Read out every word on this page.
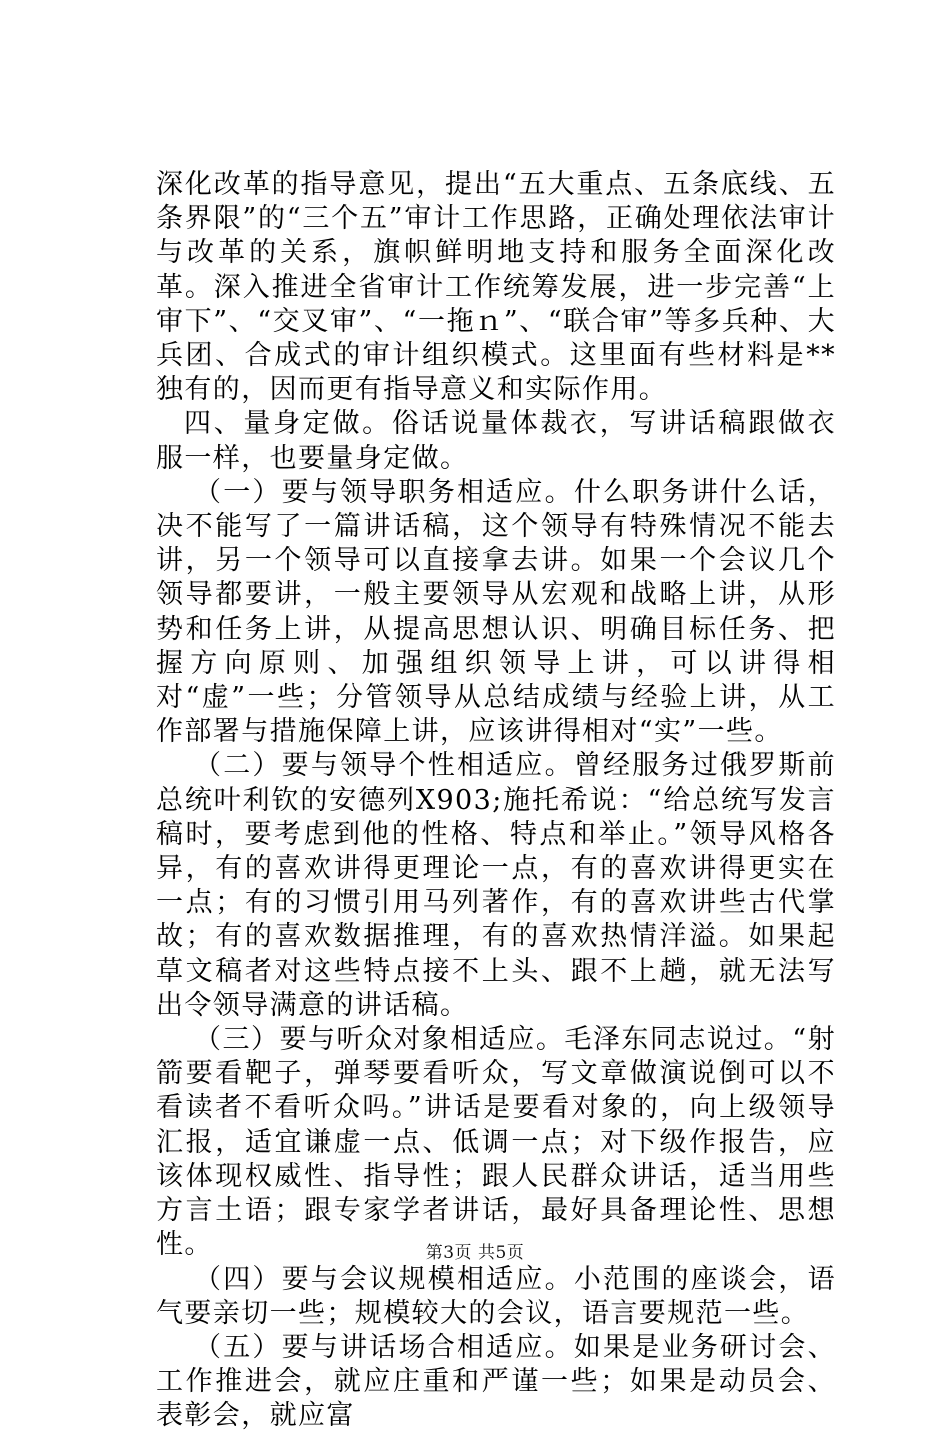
深化改革的指导意见，提出“五大重点、五条底线、五条界限”的“三个五”审计工作思路，正确处理依法审计与改革的关系，旗帜鲜明地支持和服务全面深化改革。深入推进全省审计工作统筹发展，进一步完善“上审下”、“交叉审”、“一拖ｎ”、“联合审”等多兵种、大兵团、合成式的审计组织模式。这里面有些材料是**独有的，因而更有指导意义和实际作用。

四、量身定做。俗话说量体裁衣，写讲话稿跟做衣服一样，也要量身定做。

（一）要与领导职务相适应。什么职务讲什么话，决不能写了一篇讲话稿，这个领导有特殊情况不能去讲，另一个领导可以直接拿去讲。如果一个会议几个领导都要讲，一般主要领导从宏观和战略上讲，从形势和任务上讲，从提高思想认识、明确目标任务、把握方向原则、加强组织领导上讲，可以讲得相对“虚”一些；分管领导从总结成绩与经验上讲，从工作部署与措施保障上讲，应该讲得相对“实”一些。

（二）要与领导个性相适应。曾经服务过俄罗斯前总统叶利钦的安德列X903;施托希说：“给总统写发言稿时，要考虑到他的性格、特点和举止。”领导风格各异，有的喜欢讲得更理论一点，有的喜欢讲得更实在一点；有的习惯引用马列著作，有的喜欢讲些古代掌故；有的喜欢数据推理，有的喜欢热情洋溢。如果起草文稿者对这些特点接不上头、跟不上趟，就无法写出令领导满意的讲话稿。

（三）要与听众对象相适应。毛泽东同志说过。“射箭要看靶子，弹琴要看听众，写文章做演说倒可以不看读者不看听众吗。”讲话是要看对象的，向上级领导汇报，适宜谦虚一点、低调一点；对下级作报告，应该体现权威性、指导性；跟人民群众讲话，适当用些方言土语；跟专家学者讲话，最好具备理论性、思想性。

（四）要与会议规模相适应。小范围的座谈会，语气要亲切一些；规模较大的会议，语言要规范一些。

（五）要与讲话场合相适应。如果是业务研讨会、工作推进会，就应庄重和严谨一些；如果是动员会、表彰会，就应富

第3页 共5页
